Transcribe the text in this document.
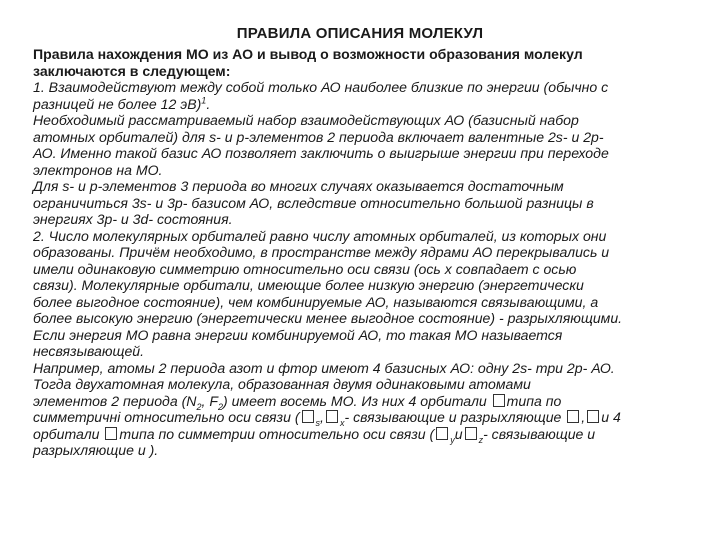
ПРАВИЛА ОПИСАНИЯ МОЛЕКУЛ
Правила нахождения МО из АО и вывод о возможности образования молекул
заключаются в следующем:
1. Взаимодействуют между собой только АО наиболее близкие по энергии (обычно с
разницей не более 12 эВ)$^1$.
Необходимый рассматриваемый набор взаимодействующих АО (базисный набор
атомных орбиталей) для s- и p-элементов 2 периода включает валентные 2s- и 2p-
АО. Именно такой базис АО позволяет заключить о выигрыше энергии при переходе
электронов на МО.
Для s- и p-элементов 3 периода во многих случаях оказывается достаточным
ограничиться 3s- и 3p- базисом АО, вследствие относительно большой разницы в
энергиях 3p- и 3d- состояния.
2. Число молекулярных орбиталей равно числу атомных орбиталей, из которых они
образованы. Причём необходимо, в пространстве между ядрами АО перекрывались и
имели одинаковую симметрию относительно оси связи (ось x совпадает с осью
связи). Молекулярные орбитали, имеющие более низкую энергию (энергетически
более выгодное состояние), чем комбинируемые АО, называются связывающими, а
более высокую энергию (энергетически менее выгодное состояние) - разрыхляющими.
Если энергия МО равна энергии комбинируемой АО, то такая МО называется
несвязывающей.
Например, атомы 2 периода азот и фтор имеют 4 базисных АО: одну 2s- три 2p- АО.
Тогда двухатомная молекула, образованная двумя одинаковыми атомами
элементов 2 периода ($N_2$, $F_2$) имеет восемь МО. Из них 4 орбитали типа по
симметричні относительно оси связи ( $_s$, $_x$- связывающие и разрыхляющие , и 4
орбитали типа по симметрии относительно оси связи ( $_y$и $_z$- связывающие и
разрыхляющие и ).
